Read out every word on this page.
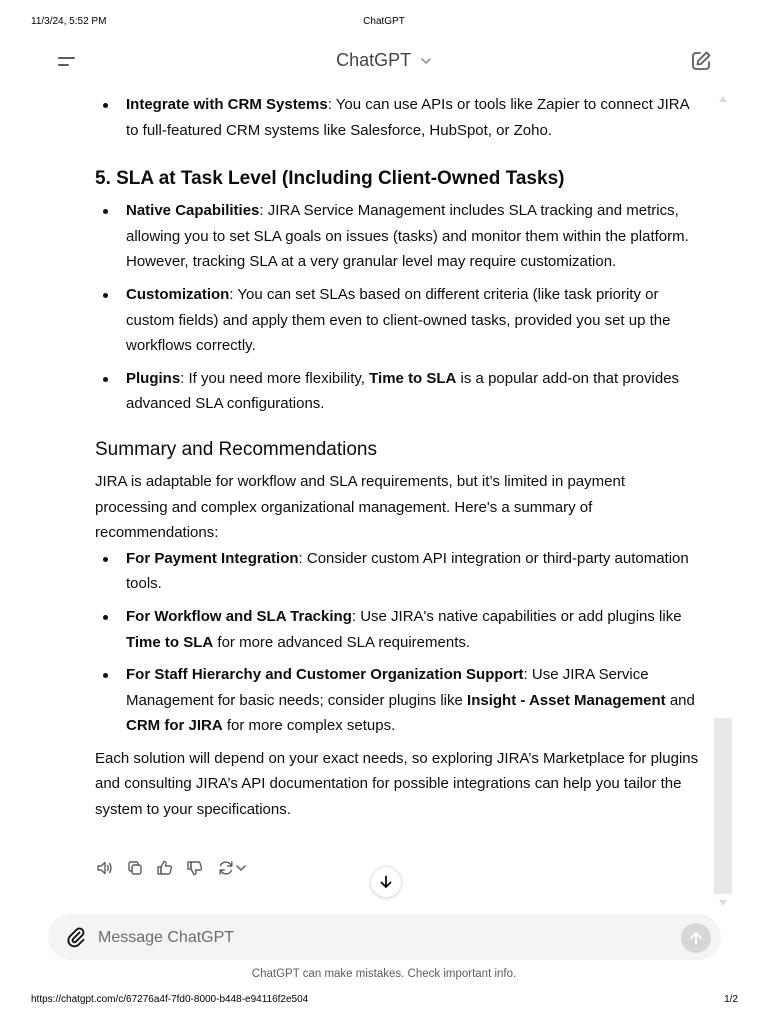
11/3/24, 5:52 PM	ChatGPT
ChatGPT
Integrate with CRM Systems: You can use APIs or tools like Zapier to connect JIRA to full-featured CRM systems like Salesforce, HubSpot, or Zoho.
5. SLA at Task Level (Including Client-Owned Tasks)
Native Capabilities: JIRA Service Management includes SLA tracking and metrics, allowing you to set SLA goals on issues (tasks) and monitor them within the platform. However, tracking SLA at a very granular level may require customization.
Customization: You can set SLAs based on different criteria (like task priority or custom fields) and apply them even to client-owned tasks, provided you set up the workflows correctly.
Plugins: If you need more flexibility, Time to SLA is a popular add-on that provides advanced SLA configurations.
Summary and Recommendations

JIRA is adaptable for workflow and SLA requirements, but it’s limited in payment processing and complex organizational management. Here's a summary of recommendations:

For Payment Integration: Consider custom API integration or third-party automation tools.
For Workflow and SLA Tracking: Use JIRA's native capabilities or add plugins like Time to SLA for more advanced SLA requirements.
For Staff Hierarchy and Customer Organization Support: Use JIRA Service Management for basic needs; consider plugins like Insight - Asset Management and CRM for JIRA for more complex setups.

Each solution will depend on your exact needs, so exploring JIRA’s Marketplace for plugins and consulting JIRA’s API documentation for possible integrations can help you tailor the system to your specifications.

Message ChatGPT
ChatGPT can make mistakes. Check important info.
https://chatgpt.com/c/67276a4f-7fd0-8000-b448-e94116f2e504	1/2
